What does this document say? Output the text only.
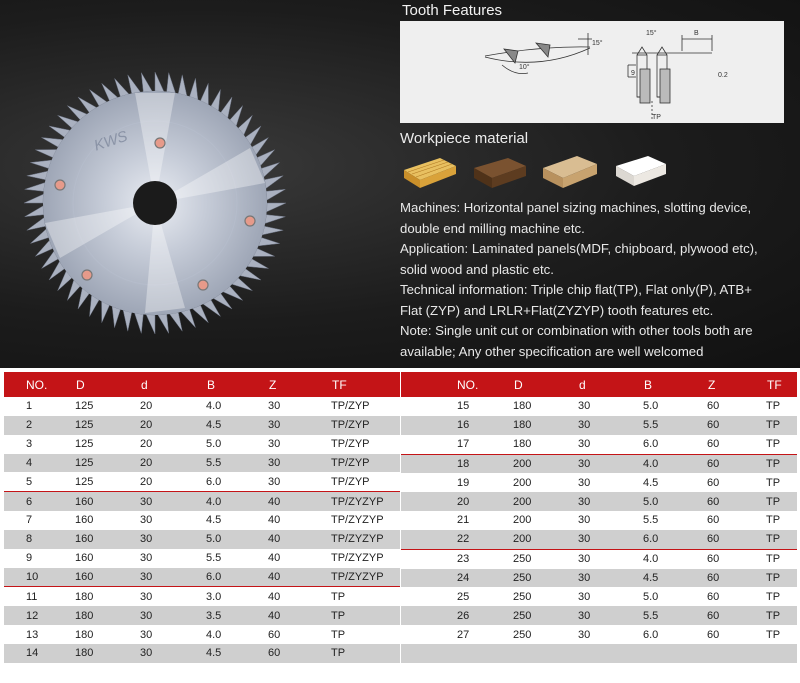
KWS
Tooth Features
10°
15°
15°	B
9	0.2
TP
Workpiece material

Machines: Horizontal panel sizing machines, slotting device,
double end milling machine etc.
Application: Laminated panels(MDF, chipboard, plywood etc),
solid wood and plastic etc.
Technical information: Triple chip flat(TP), Flat only(P), ATB+
Flat (ZYP) and LRLR+Flat(ZYZYP) tooth features etc.
Note: Single unit cut or combination with other tools both are
available; Any other specification are well welcomed

NO.	D	d	B	Z	TF
1	125	20	4.0	30	TP/ZYP
2	125	20	4.5	30	TP/ZYP
3	125	20	5.0	30	TP/ZYP
4	125	20	5.5	30	TP/ZYP
5	125	20	6.0	30	TP/ZYP
6	160	30	4.0	40	TP/ZYZYP
7	160	30	4.5	40	TP/ZYZYP
8	160	30	5.0	40	TP/ZYZYP
9	160	30	5.5	40	TP/ZYZYP
10	160	30	6.0	40	TP/ZYZYP
11	180	30	3.0	40	TP
12	180	30	3.5	40	TP
13	180	30	4.0	60	TP
14	180	30	4.5	60	TP
NO.	D	d	B	Z	TF
15	180	30	5.0	60	TP
16	180	30	5.5	60	TP
17	180	30	6.0	60	TP
18	200	30	4.0	60	TP
19	200	30	4.5	60	TP
20	200	30	5.0	60	TP
21	200	30	5.5	60	TP
22	200	30	6.0	60	TP
23	250	30	4.0	60	TP
24	250	30	4.5	60	TP
25	250	30	5.0	60	TP
26	250	30	5.5	60	TP
27	250	30	6.0	60	TP
